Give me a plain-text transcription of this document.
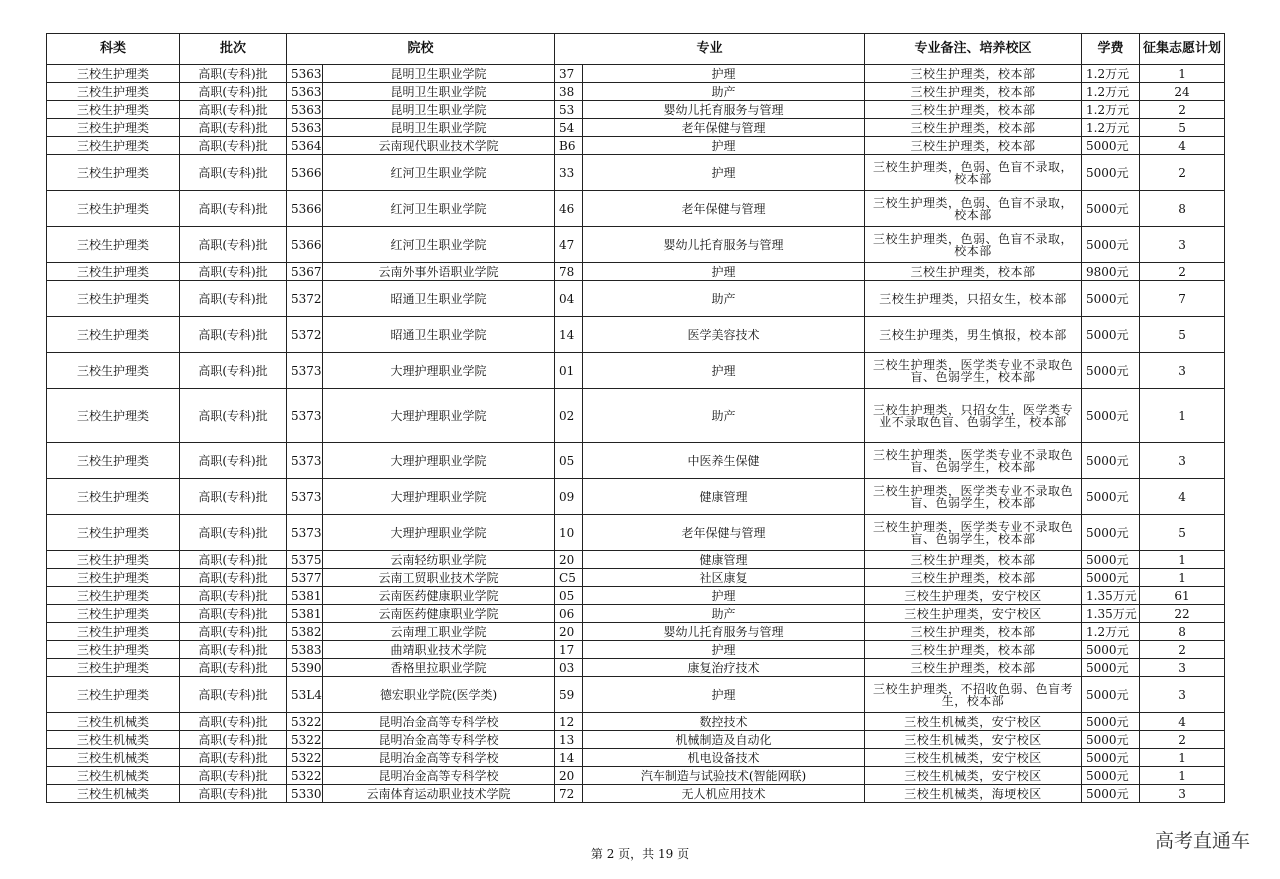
科类	批次	院校		专业		专业备注、培养校区	学费	征集志愿计划
三校生护理类	高职(专科)批	5363	昆明卫生职业学院	37	护理	三校生护理类，校本部	1.2万元	1
三校生护理类	高职(专科)批	5363	昆明卫生职业学院	38	助产	三校生护理类，校本部	1.2万元	24
三校生护理类	高职(专科)批	5363	昆明卫生职业学院	53	婴幼儿托育服务与管理	三校生护理类，校本部	1.2万元	2
三校生护理类	高职(专科)批	5363	昆明卫生职业学院	54	老年保健与管理	三校生护理类，校本部	1.2万元	5
三校生护理类	高职(专科)批	5364	云南现代职业技术学院	B6	护理	三校生护理类，校本部	5000元	4
三校生护理类	高职(专科)批	5366	红河卫生职业学院	33	护理	三校生护理类，色弱、色盲不录取，校本部	5000元	2
三校生护理类	高职(专科)批	5366	红河卫生职业学院	46	老年保健与管理	三校生护理类，色弱、色盲不录取，校本部	5000元	8
三校生护理类	高职(专科)批	5366	红河卫生职业学院	47	婴幼儿托育服务与管理	三校生护理类，色弱、色盲不录取，校本部	5000元	3
三校生护理类	高职(专科)批	5367	云南外事外语职业学院	78	护理	三校生护理类，校本部	9800元	2
三校生护理类	高职(专科)批	5372	昭通卫生职业学院	04	助产	三校生护理类，只招女生，校本部	5000元	7
三校生护理类	高职(专科)批	5372	昭通卫生职业学院	14	医学美容技术	三校生护理类，男生慎报，校本部	5000元	5
三校生护理类	高职(专科)批	5373	大理护理职业学院	01	护理	三校生护理类，医学类专业不录取色盲、色弱学生，校本部	5000元	3
三校生护理类	高职(专科)批	5373	大理护理职业学院	02	助产	三校生护理类，只招女生，医学类专业不录取色盲、色弱学生，校本部	5000元	1
三校生护理类	高职(专科)批	5373	大理护理职业学院	05	中医养生保健	三校生护理类，医学类专业不录取色盲、色弱学生，校本部	5000元	3
三校生护理类	高职(专科)批	5373	大理护理职业学院	09	健康管理	三校生护理类，医学类专业不录取色盲、色弱学生，校本部	5000元	4
三校生护理类	高职(专科)批	5373	大理护理职业学院	10	老年保健与管理	三校生护理类，医学类专业不录取色盲、色弱学生，校本部	5000元	5
三校生护理类	高职(专科)批	5375	云南轻纺职业学院	20	健康管理	三校生护理类，校本部	5000元	1
三校生护理类	高职(专科)批	5377	云南工贸职业技术学院	C5	社区康复	三校生护理类，校本部	5000元	1
三校生护理类	高职(专科)批	5381	云南医药健康职业学院	05	护理	三校生护理类，安宁校区	1.35万元	61
三校生护理类	高职(专科)批	5381	云南医药健康职业学院	06	助产	三校生护理类，安宁校区	1.35万元	22
三校生护理类	高职(专科)批	5382	云南理工职业学院	20	婴幼儿托育服务与管理	三校生护理类，校本部	1.2万元	8
三校生护理类	高职(专科)批	5383	曲靖职业技术学院	17	护理	三校生护理类，校本部	5000元	2
三校生护理类	高职(专科)批	5390	香格里拉职业学院	03	康复治疗技术	三校生护理类，校本部	5000元	3
三校生护理类	高职(专科)批	53L4	德宏职业学院(医学类)	59	护理	三校生护理类，不招收色弱、色盲考生，校本部	5000元	3
三校生机械类	高职(专科)批	5322	昆明冶金高等专科学校	12	数控技术	三校生机械类，安宁校区	5000元	4
三校生机械类	高职(专科)批	5322	昆明冶金高等专科学校	13	机械制造及自动化	三校生机械类，安宁校区	5000元	2
三校生机械类	高职(专科)批	5322	昆明冶金高等专科学校	14	机电设备技术	三校生机械类，安宁校区	5000元	1
三校生机械类	高职(专科)批	5322	昆明冶金高等专科学校	20	汽车制造与试验技术(智能网联)	三校生机械类，安宁校区	5000元	1
三校生机械类	高职(专科)批	5330	云南体育运动职业技术学院	72	无人机应用技术	三校生机械类，海埂校区	5000元	3
第 2 页，共 19 页
高考直通车
